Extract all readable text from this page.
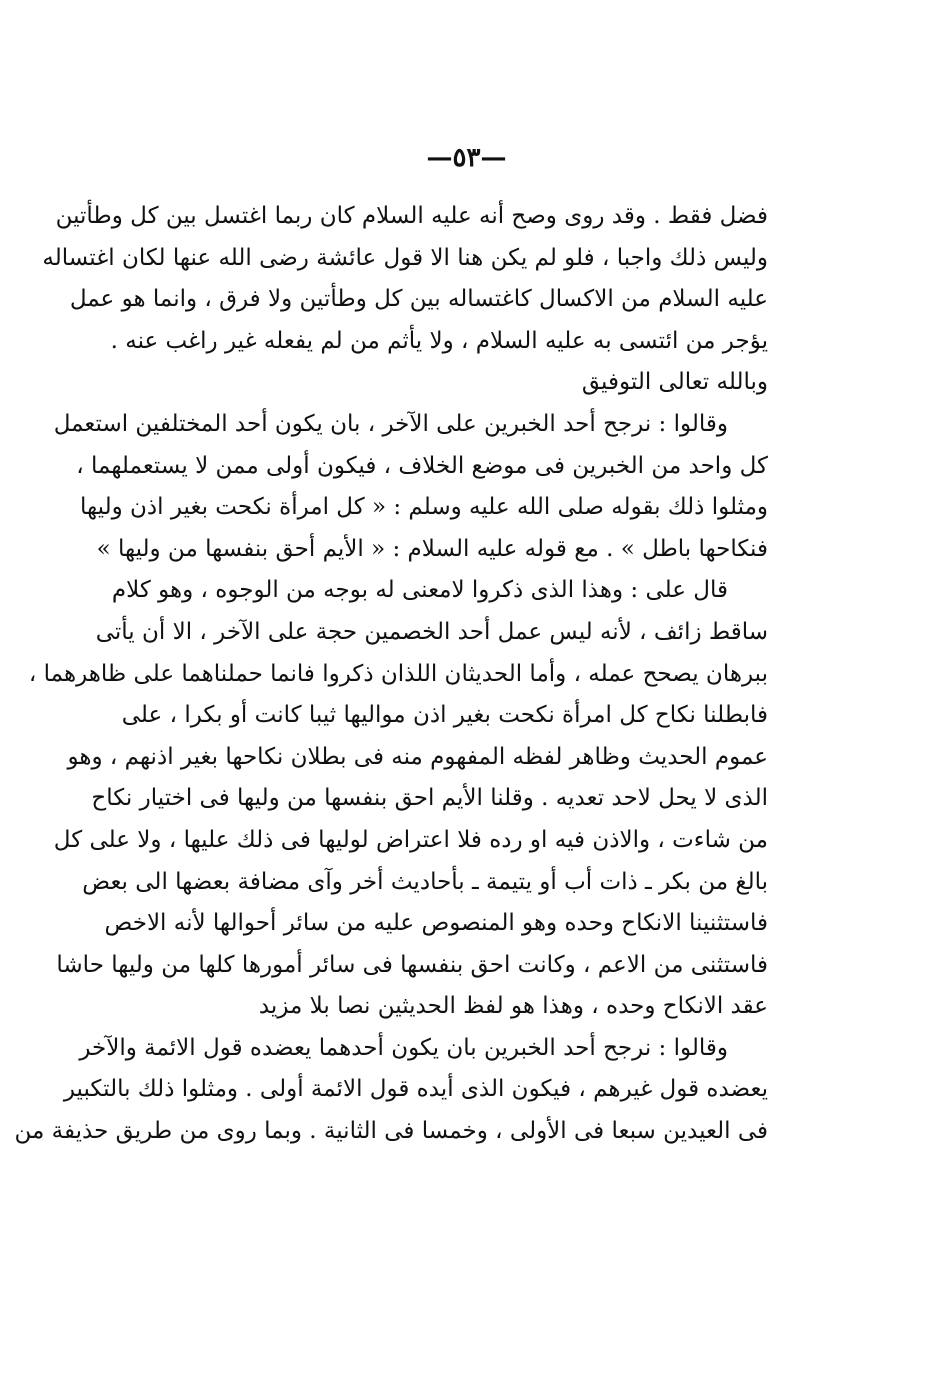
—٥٣—
فضل فقط . وقد روى وصح أنه عليه السلام كان ربما اغتسل بين كل وطأتين
وليس ذلك واجبا ، فلو لم يكن هنا الا قول عائشة رضى الله عنها لكان اغتساله
عليه السلام من الاكسال كاغتساله بين كل وطأتين ولا فرق ، وانما هو عمل
يؤجر من ائتسى به عليه السلام ، ولا يأثم من لم يفعله غير راغب عنه .
وبالله تعالى التوفيق
وقالوا : نرجح أحد الخبرين على الآخر ، بان يكون أحد المختلفين استعمل
كل واحد من الخبرين فى موضع الخلاف ، فيكون أولى ممن لا يستعملهما ،
ومثلوا ذلك بقوله صلى الله عليه وسلم : « كل امرأة نكحت بغير اذن وليها
فنكاحها باطل » . مع قوله عليه السلام : « الأيم أحق بنفسها من وليها »
قال على : وهذا الذى ذكروا لامعنى له بوجه من الوجوه ، وهو كلام
ساقط زائف ، لأنه ليس عمل أحد الخصمين حجة على الآخر ، الا أن يأتى
ببرهان يصحح عمله ، وأما الحديثان اللذان ذكروا فانما حملناهما على ظاهرهما ،
فابطلنا نكاح كل امرأة نكحت بغير اذن مواليها ثيبا كانت أو بكرا ، على
عموم الحديث وظاهر لفظه المفهوم منه فى بطلان نكاحها بغير اذنهم ، وهو
الذى لا يحل لاحد تعديه . وقلنا الأيم احق بنفسها من وليها فى اختيار نكاح
من شاءت ، والاذن فيه او رده فلا اعتراض لوليها فى ذلك عليها ، ولا على كل
بالغ من بكر ـ ذات أب أو يتيمة ـ بأحاديث أخر وآى مضافة بعضها الى بعض
فاستثنينا الانكاح وحده وهو المنصوص عليه من سائر أحوالها لأنه الاخص
فاستثنى من الاعم ، وكانت احق بنفسها فى سائر أمورها كلها من وليها حاشا
عقد الانكاح وحده ، وهذا هو لفظ الحديثين نصا بلا مزيد
وقالوا : نرجح أحد الخبرين بان يكون أحدهما يعضده قول الائمة والآخر
يعضده قول غيرهم ، فيكون الذى أيده قول الائمة أولى . ومثلوا ذلك بالتكبير
فى العيدين سبعا فى الأولى ، وخمسا فى الثانية . وبما روى من طريق حذيفة من
